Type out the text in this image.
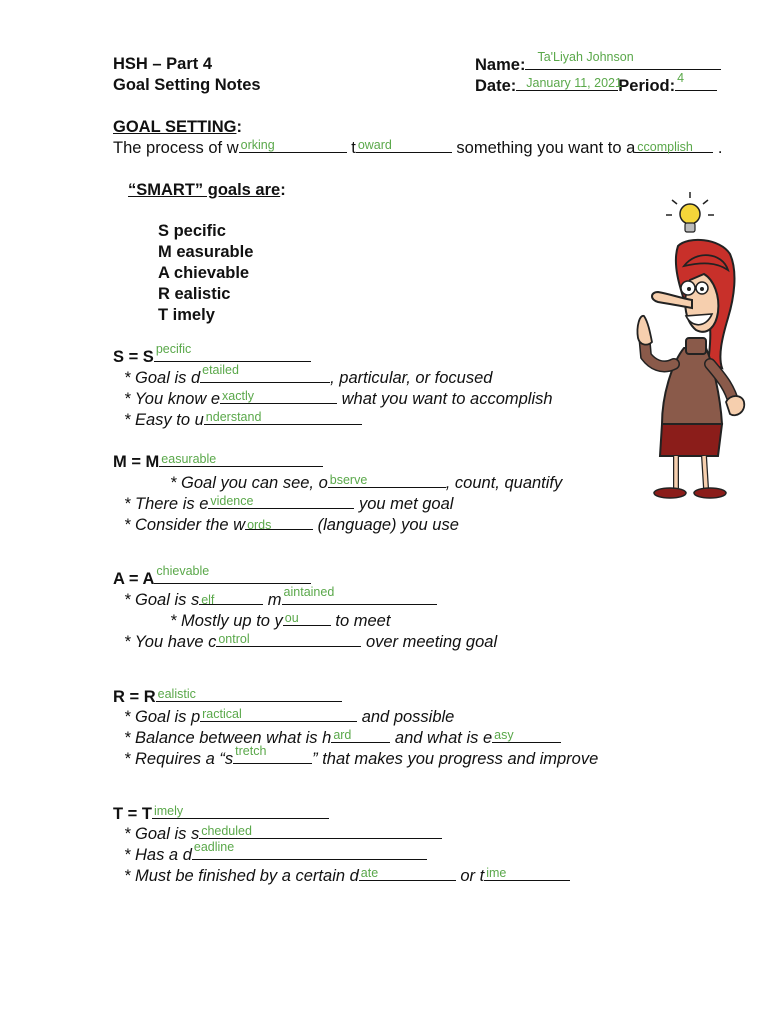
HSH – Part 4
Goal Setting Notes
Name: Ta'Liyah Johnson
Date: January 11, 2021
Period: 4
GOAL SETTING:
The process of w orking	t oward	something you want to a ccomplish .
“SMART” goals are:
S pecific
M easurable
A chievable
R ealistic
T imely
S = S pecific
* Goal is d etailed	, particular, or focused
* You know e xactly	what you want to accomplish
* Easy to u nderstand
M = M easurable
* Goal you can see, o bserve	, count, quantify
* There is e vidence	you met goal
* Consider the w ords	(language) you use
A = A chievable
* Goal is s elf	m aintained
* Mostly up to y ou to meet
* You have c ontrol	over meeting goal
R = R ealistic
* Goal is p ractical	and possible
* Balance between what is h ard and what is e asy
* Requires a “s tretch	” that makes you progress and improve
T = T imely
* Goal is s cheduled
* Has a d eadline
* Must be finished by a certain d ate	or t ime
